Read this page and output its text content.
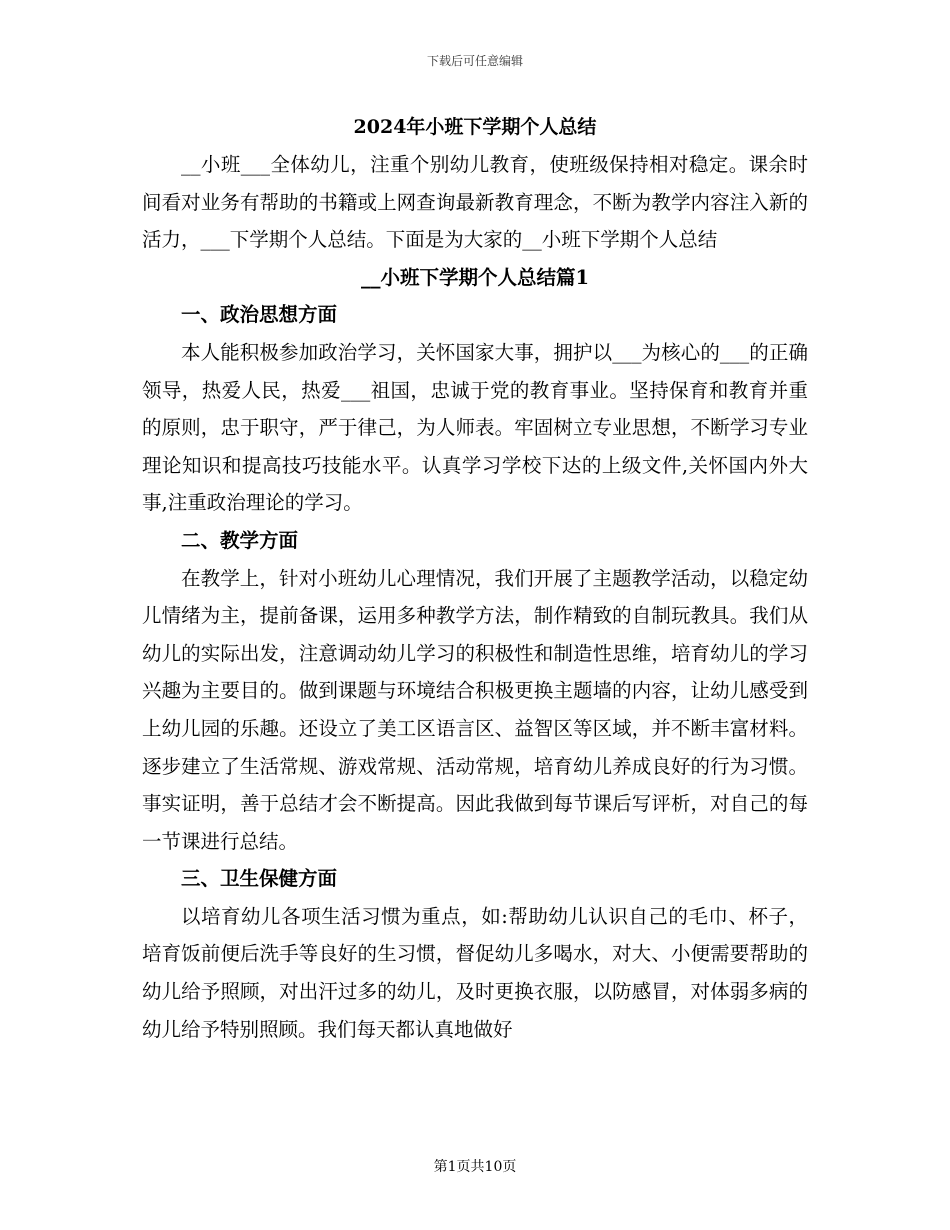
下载后可任意编辑
2024年小班下学期个人总结

__小班___全体幼儿，注重个别幼儿教育，使班级保持相对稳定。课余时间看对业务有帮助的书籍或上网查询最新教育理念，不断为教学内容注入新的活力，___下学期个人总结。下面是为大家的__小班下学期个人总结

__小班下学期个人总结篇1

一、政治思想方面

本人能积极参加政治学习，关怀国家大事，拥护以___为核心的___的正确领导，热爱人民，热爱___祖国，忠诚于党的教育事业。坚持保育和教育并重的原则，忠于职守，严于律己，为人师表。牢固树立专业思想，不断学习专业理论知识和提高技巧技能水平。认真学习学校下达的上级文件,关怀国内外大事,注重政治理论的学习。

二、教学方面

在教学上，针对小班幼儿心理情况，我们开展了主题教学活动，以稳定幼儿情绪为主，提前备课，运用多种教学方法，制作精致的自制玩教具。我们从幼儿的实际出发，注意调动幼儿学习的积极性和制造性思维，培育幼儿的学习兴趣为主要目的。做到课题与环境结合积极更换主题墙的内容，让幼儿感受到上幼儿园的乐趣。还设立了美工区语言区、益智区等区域，并不断丰富材料。逐步建立了生活常规、游戏常规、活动常规，培育幼儿养成良好的行为习惯。事实证明，善于总结才会不断提高。因此我做到每节课后写评析，对自己的每一节课进行总结。

三、卫生保健方面

以培育幼儿各项生活习惯为重点，如:帮助幼儿认识自己的毛巾、杯子，培育饭前便后洗手等良好的生习惯，督促幼儿多喝水，对大、小便需要帮助的幼儿给予照顾，对出汗过多的幼儿，及时更换衣服，以防感冒，对体弱多病的幼儿给予特别照顾。我们每天都认真地做好

第1页共10页
